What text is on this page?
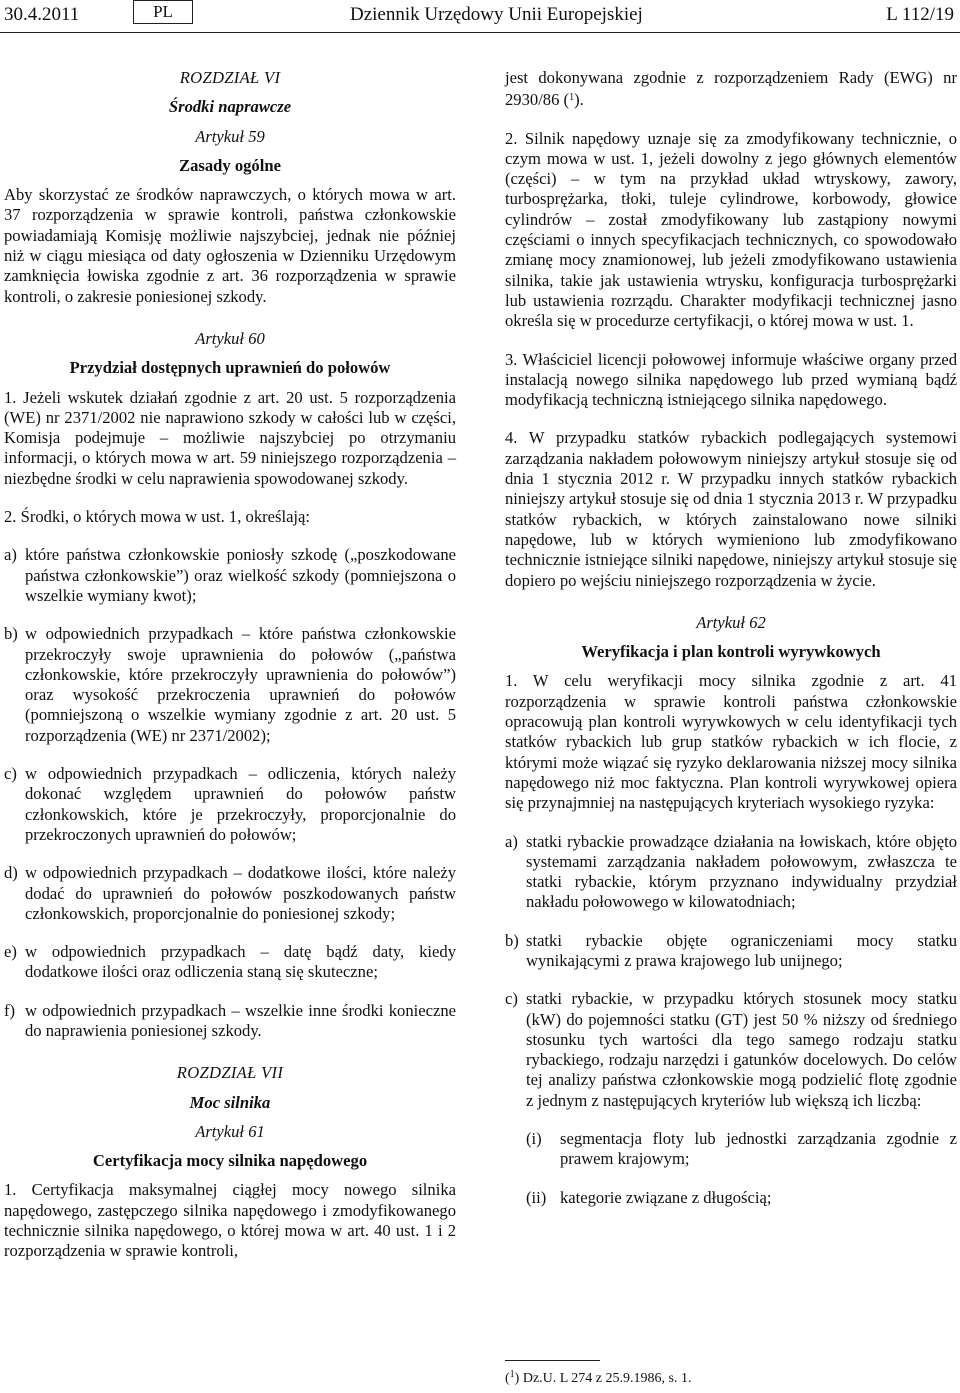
30.4.2011	PL	Dziennik Urzędowy Unii Europejskiej	L 112/19
ROZDZIAŁ VI
Środki naprawcze
Artykuł 59
Zasady ogólne

Aby skorzystać ze środków naprawczych, o których mowa w art. 37 rozporządzenia w sprawie kontroli, państwa członkowskie powiadamiają Komisję możliwie najszybciej, jednak nie później niż w ciągu miesiąca od daty ogłoszenia w Dzienniku Urzędowym zamknięcia łowiska zgodnie z art. 36 rozporządzenia w sprawie kontroli, o zakresie poniesionej szkody.

Artykuł 60
Przydział dostępnych uprawnień do połowów

1. Jeżeli wskutek działań zgodnie z art. 20 ust. 5 rozporządzenia (WE) nr 2371/2002 nie naprawiono szkody w całości lub w części, Komisja podejmuje – możliwie najszybciej po otrzymaniu informacji, o których mowa w art. 59 niniejszego rozporządzenia – niezbędne środki w celu naprawienia spowodowanej szkody.

2. Środki, o których mowa w ust. 1, określają:

a) które państwa członkowskie poniosły szkodę („poszkodowane państwa członkowskie”) oraz wielkość szkody (pomniejszona o wszelkie wymiany kwot);
b) w odpowiednich przypadkach – które państwa członkowskie przekroczyły swoje uprawnienia do połowów („państwa członkowskie, które przekroczyły uprawnienia do połowów”) oraz wysokość przekroczenia uprawnień do połowów (pomniejszoną o wszelkie wymiany zgodnie z art. 20 ust. 5 rozporządzenia (WE) nr 2371/2002);
c) w odpowiednich przypadkach – odliczenia, których należy dokonać względem uprawnień do połowów państw członkowskich, które je przekroczyły, proporcjonalnie do przekroczonych uprawnień do połowów;
d) w odpowiednich przypadkach – dodatkowe ilości, które należy dodać do uprawnień do połowów poszkodowanych państw członkowskich, proporcjonalnie do poniesionej szkody;
e) w odpowiednich przypadkach – datę bądź daty, kiedy dodatkowe ilości oraz odliczenia staną się skuteczne;
f) w odpowiednich przypadkach – wszelkie inne środki konieczne do naprawienia poniesionej szkody.
ROZDZIAŁ VII
Moc silnika
Artykuł 61
Certyfikacja mocy silnika napędowego

1. Certyfikacja maksymalnej ciągłej mocy nowego silnika napędowego, zastępczego silnika napędowego i zmodyfikowanego technicznie silnika napędowego, o której mowa w art. 40 ust. 1 i 2 rozporządzenia w sprawie kontroli,

jest dokonywana zgodnie z rozporządzeniem Rady (EWG) nr 2930/86 ($^1$).

2. Silnik napędowy uznaje się za zmodyfikowany technicznie, o czym mowa w ust. 1, jeżeli dowolny z jego głównych elementów (części) – w tym na przykład układ wtryskowy, zawory, turbosprężarka, tłoki, tuleje cylindrowe, korbowody, głowice cylindrów – został zmodyfikowany lub zastąpiony nowymi częściami o innych specyfikacjach technicznych, co spowodowało zmianę mocy znamionowej, lub jeżeli zmodyfikowano ustawienia silnika, takie jak ustawienia wtrysku, konfiguracja turbosprężarki lub ustawienia rozrządu. Charakter modyfikacji technicznej jasno określa się w procedurze certyfikacji, o której mowa w ust. 1.

3. Właściciel licencji połowowej informuje właściwe organy przed instalacją nowego silnika napędowego lub przed wymianą bądź modyfikacją techniczną istniejącego silnika napędowego.

4. W przypadku statków rybackich podlegających systemowi zarządzania nakładem połowowym niniejszy artykuł stosuje się od dnia 1 stycznia 2012 r. W przypadku innych statków rybackich niniejszy artykuł stosuje się od dnia 1 stycznia 2013 r. W przypadku statków rybackich, w których zainstalowano nowe silniki napędowe, lub w których wymieniono lub zmodyfikowano technicznie istniejące silniki napędowe, niniejszy artykuł stosuje się dopiero po wejściu niniejszego rozporządzenia w życie.

Artykuł 62
Weryfikacja i plan kontroli wyrywkowych

1. W celu weryfikacji mocy silnika zgodnie z art. 41 rozporządzenia w sprawie kontroli państwa członkowskie opracowują plan kontroli wyrywkowych w celu identyfikacji tych statków rybackich lub grup statków rybackich w ich flocie, z którymi może wiązać się ryzyko deklarowania niższej mocy silnika napędowego niż moc faktyczna. Plan kontroli wyrywkowej opiera się przynajmniej na następujących kryteriach wysokiego ryzyka:

a) statki rybackie prowadzące działania na łowiskach, które objęto systemami zarządzania nakładem połowowym, zwłaszcza te statki rybackie, którym przyznano indywidualny przydział nakładu połowowego w kilowatodniach;
b) statki rybackie objęte ograniczeniami mocy statku wynikającymi z prawa krajowego lub unijnego;
c) statki rybackie, w przypadku których stosunek mocy statku (kW) do pojemności statku (GT) jest 50 % niższy od średniego stosunku tych wartości dla tego samego rodzaju statku rybackiego, rodzaju narzędzi i gatunków docelowych. Do celów tej analizy państwa członkowskie mogą podzielić flotę zgodnie z jednym z następujących kryteriów lub większą ich liczbą:
(i)	segmentacja floty lub jednostki zarządzania zgodnie z prawem krajowym;
(ii) kategorie związane z długością;
($^1$) Dz.U. L 274 z 25.9.1986, s. 1.
